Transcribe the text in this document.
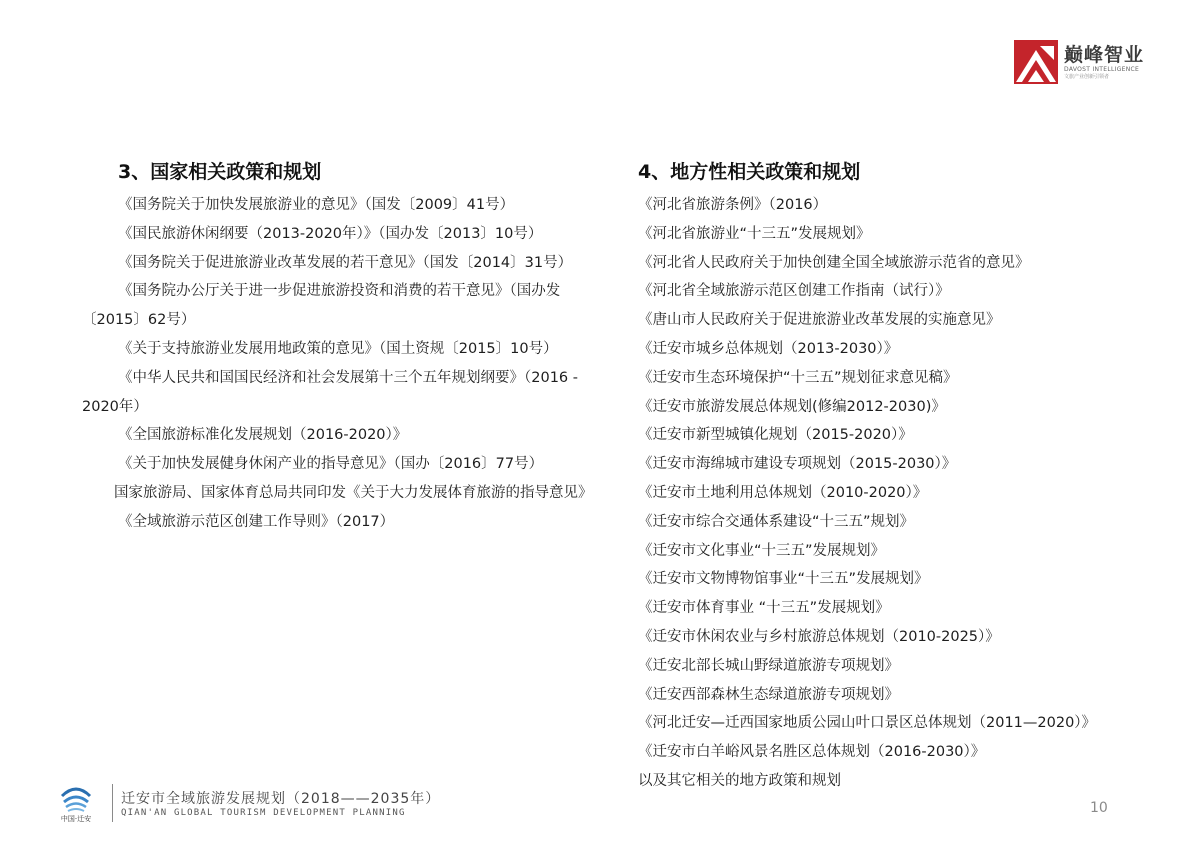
巅峰智业
DAVOST INTELLIGENCE
文旅产业创新引领者
3、国家相关政策和规划
《国务院关于加快发展旅游业的意见》（国发〔2009〕41号）
《国民旅游休闲纲要（2013-2020年）》（国办发〔2013〕10号）
《国务院关于促进旅游业改革发展的若干意见》（国发〔2014〕31号）
《国务院办公厅关于进一步促进旅游投资和消费的若干意见》（国办发〔2015〕62号）
《关于支持旅游业发展用地政策的意见》（国土资规〔2015〕10号）
《中华人民共和国国民经济和社会发展第十三个五年规划纲要》（2016 - 2020年）
《全国旅游标准化发展规划（2016-2020）》
《关于加快发展健身休闲产业的指导意见》（国办〔2016〕77号）
国家旅游局、国家体育总局共同印发《关于大力发展体育旅游的指导意见》
《全域旅游示范区创建工作导则》（2017）
4、地方性相关政策和规划
《河北省旅游条例》（2016）
《河北省旅游业“十三五”发展规划》
《河北省人民政府关于加快创建全国全域旅游示范省的意见》
《河北省全域旅游示范区创建工作指南（试行）》
《唐山市人民政府关于促进旅游业改革发展的实施意见》
《迁安市城乡总体规划（2013-2030）》
《迁安市生态环境保护“十三五”规划征求意见稿》
《迁安市旅游发展总体规划(修编2012-2030)》
《迁安市新型城镇化规划（2015-2020）》
《迁安市海绵城市建设专项规划（2015-2030）》
《迁安市土地利用总体规划（2010-2020）》
《迁安市综合交通体系建设“十三五”规划》
《迁安市文化事业“十三五”发展规划》
《迁安市文物博物馆事业“十三五”发展规划》
《迁安市体育事业 “十三五”发展规划》
《迁安市休闲农业与乡村旅游总体规划（2010-2025）》
《迁安北部长城山野绿道旅游专项规划》
《迁安西部森林生态绿道旅游专项规划》
《河北迁安—迁西国家地质公园山叶口景区总体规划（2011—2020）》
《迁安市白羊峪风景名胜区总体规划（2016-2030）》
以及其它相关的地方政策和规划
中国·迁安
迁安市全域旅游发展规划（2018——2035年）
QIAN'AN GLOBAL TOURISM DEVELOPMENT PLANNING	10
